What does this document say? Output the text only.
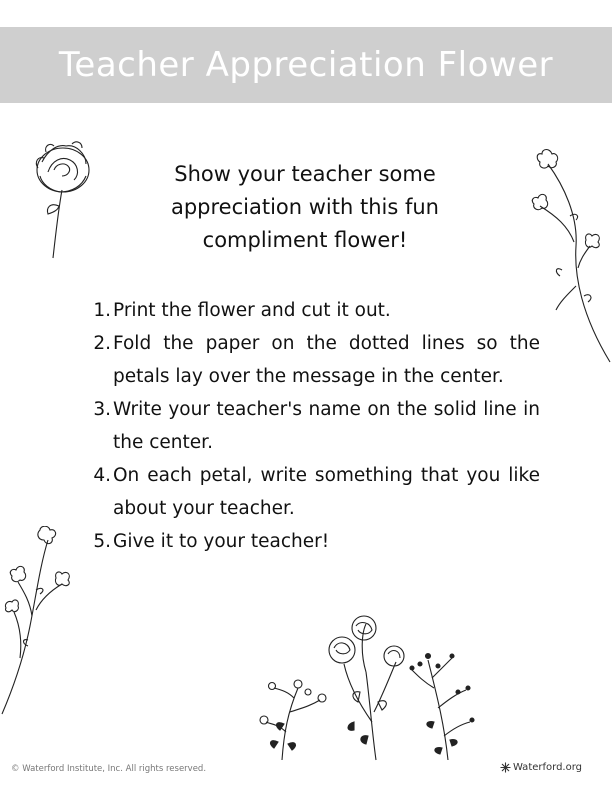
Teacher Appreciation Flower

Show your teacher some appreciation with this fun compliment flower!

1. Print the flower and cut it out.
2. Fold the paper on the dotted lines so the petals lay over the message in the center.
3. Write your teacher's name on the solid line in the center.
4. On each petal, write something that you like about your teacher.
5. Give it to your teacher!
© Waterford Institute, Inc. All rights reserved.	Waterford.org
